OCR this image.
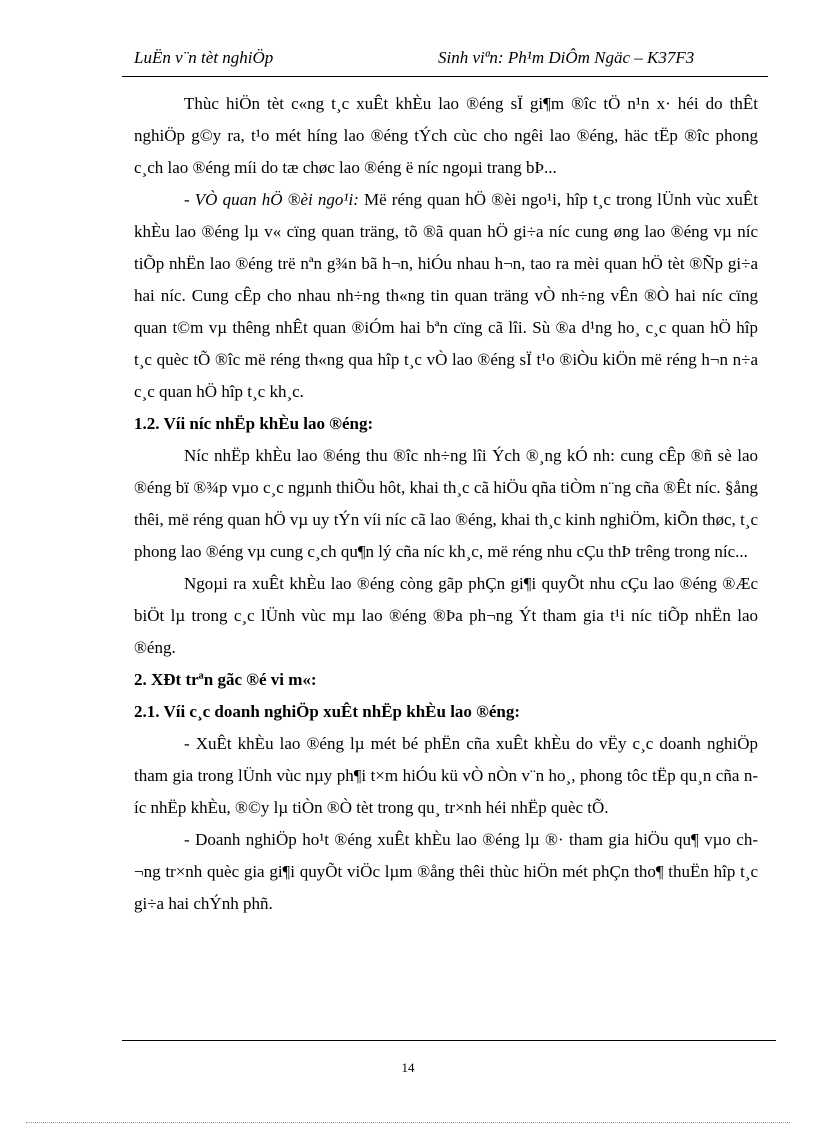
LuËn v¨n tèt nghiÖp	Sinh viªn: Ph¹m DiÔm Ngäc – K37F3

Thùc hiÖn tèt c«ng t¸c xuÊt khÈu lao ®éng sÏ gi¶m ®îc tÖ n¹n x· héi do thÊt nghiÖp g©y ra, t¹o mét híng lao ®éng tÝch cùc cho ngêi lao ®éng, häc tËp ®îc phong c¸ch lao ®éng míi do tæ chøc lao ®éng ë níc ngoµi trang bÞ...

- VÒ quan hÖ ®èi ngo¹i: Më réng quan hÖ ®èi ngo¹i, hîp t¸c trong lÜnh vùc xuÊt khÈu lao ®éng lµ v« cïng quan träng, tõ ®ã quan hÖ gi÷a níc cung øng lao ®éng vµ níc tiÕp nhËn lao ®éng trë nªn g¾n bã h¬n, hiÓu nhau h¬n, tao ra mèi quan hÖ tèt ®Ñp gi÷a hai níc. Cung cÊp cho nhau nh÷ng th«ng tin quan träng vÒ nh÷ng vÊn ®Ò hai níc cïng quan t©m vµ thêng nhÊt quan ®iÓm hai bªn cïng cã lîi. Sù ®a d¹ng ho¸ c¸c quan hÖ hîp t¸c quèc tÕ ®îc më réng th«ng qua hîp t¸c vÒ lao ®éng sÏ t¹o ®iÒu kiÖn më réng h¬n n÷a c¸c quan hÖ hîp t¸c kh¸c.

1.2. Víi níc nhËp khÈu lao ®éng:

Níc nhËp khÈu lao ®éng thu ®îc nh÷ng lîi Ých ®¸ng kÓ nh: cung cÊp ®ñ sè lao ®éng bï ®¾p vµo c¸c ngµnh thiÕu hôt, khai th¸c cã hiÖu qña tiÒm n¨ng cña ®Êt níc. §ång thêi, më réng quan hÖ vµ uy tÝn víi níc cã lao ®éng, khai th¸c kinh nghiÖm, kiÕn thøc, t¸c phong lao ®éng vµ cung c¸ch qu¶n lý cña níc kh¸c, më réng nhu cÇu thÞ trêng trong níc...

Ngoµi ra xuÊt khÈu lao ®éng còng gãp phÇn gi¶i quyÕt nhu cÇu lao ®éng ®Æc biÖt lµ trong c¸c lÜnh vùc mµ lao ®éng ®Þa ph¬ng Ýt tham gia t¹i níc tiÕp nhËn lao ®éng.

2. XÐt trªn gãc ®é vi m«:

2.1. Víi c¸c doanh nghiÖp xuÊt nhËp khÈu lao ®éng:

- XuÊt khÈu lao ®éng lµ mét bé phËn cña xuÊt khÈu do vËy c¸c doanh nghiÖp tham gia trong lÜnh vùc nµy ph¶i t×m hiÓu kü vÒ nÒn v¨n ho¸, phong tôc tËp qu¸n cña níc nhËp khÈu, ®©y lµ tiÒn ®Ò tèt trong qu¸ tr×nh héi nhËp quèc tÕ.

- Doanh nghiÖp ho¹t ®éng xuÊt khÈu lao ®éng lµ ®· tham gia hiÖu qu¶ vµo ch¬ng tr×nh quèc gia gi¶i quyÕt viÖc lµm ®ång thêi thùc hiÖn mét phÇn tho¶ thuËn hîp t¸c gi÷a hai chÝnh phñ.

14
